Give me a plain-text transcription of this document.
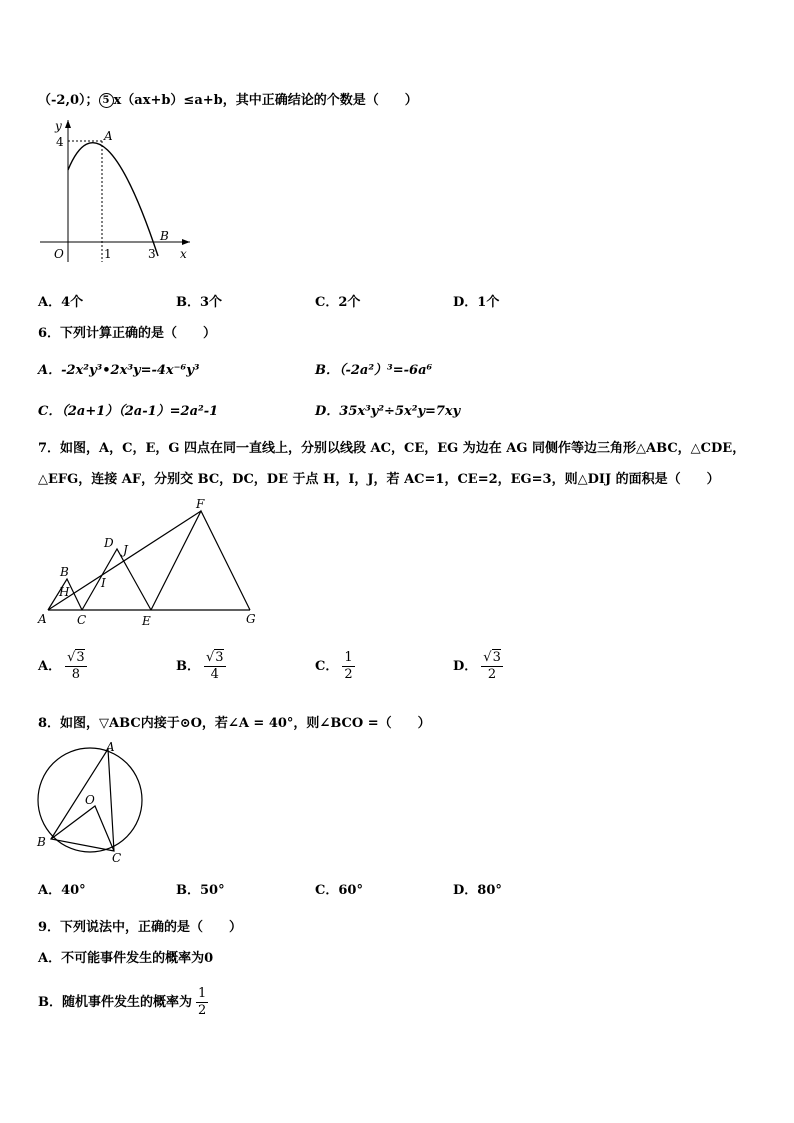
（-2,0）； 5 x（ax+b）≤a+b，其中正确结论的个数是（　　）
y
4	A
O	1	3
B
x
A．4个	B．3个	C．2个	D．1个
6．下列计算正确的是（　　）
A．-2x²y³•2x³y=-4x⁻⁶y³	B．（-2a²）³=-6a⁶
C．（2a+1）（2a-1）=2a²-1	D．35x³y²÷5x²y=7xy
7．如图，A，C，E，G 四点在同一直线上，分别以线段 AC，CE，EG 为边在 AG 同侧作等边三角形△ABC，△CDE，
△EFG，连接 AF，分别交 BC，DC，DE 于点 H，I，J，若 AC=1，CE=2，EG=3，则△DIJ 的面积是（　　）
A
B
C
D
E
F
G
H
I
J
A． $\frac{√3}{8}$	B． $\frac{√3}{4}$	C． $\frac{1}{2}$	D． $\frac{√3}{2}$
8．如图，▽ABC内接于⊙O，若∠A = 40°，则∠BCO =（　　）
A
B
C
O
A．40°	B．50°	C．60°	D．80°
9．下列说法中，正确的是（　　）
A．不可能事件发生的概率为0
B．随机事件发生的概率为 $\frac{1}{2}$
